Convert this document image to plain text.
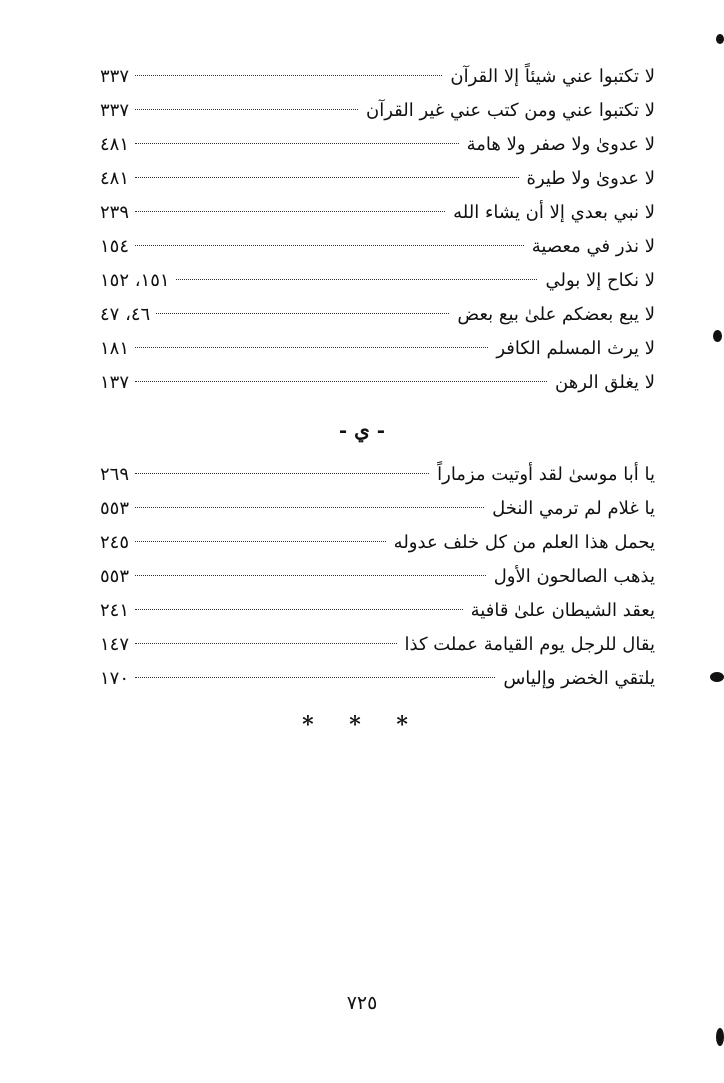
لا تكتبوا عني شيئاً إلا القرآن
٣٣٧
لا تكتبوا عني ومن كتب عني غير القرآن
٣٣٧
لا عدوىٰ ولا صفر ولا هامة
٤٨١
لا عدوىٰ ولا طيرة
٤٨١
لا نبي بعدي إلا أن يشاء الله
٢٣٩
لا نذر في معصية
١٥٤
لا نكاح إلا بولي
١٥١، ١٥٢
لا يبع بعضكم علىٰ بيع بعض
٤٦، ٤٧
لا يرث المسلم الكافر
١٨١
لا يغلق الرهن
١٣٧
- ي -
يا أبا موسىٰ لقد أوتيت مزماراً
٢٦٩
يا غلام لم ترمي النخل
٥٥٣
يحمل هذا العلم من كل خلف عدوله
٢٤٥
يذهب الصالحون الأول
٥٥٣
يعقد الشيطان علىٰ قافية
٢٤١
يقال للرجل يوم القيامة عملت كذا
١٤٧
يلتقي الخضر وإلياس
١٧٠
* * *
٧٢٥
